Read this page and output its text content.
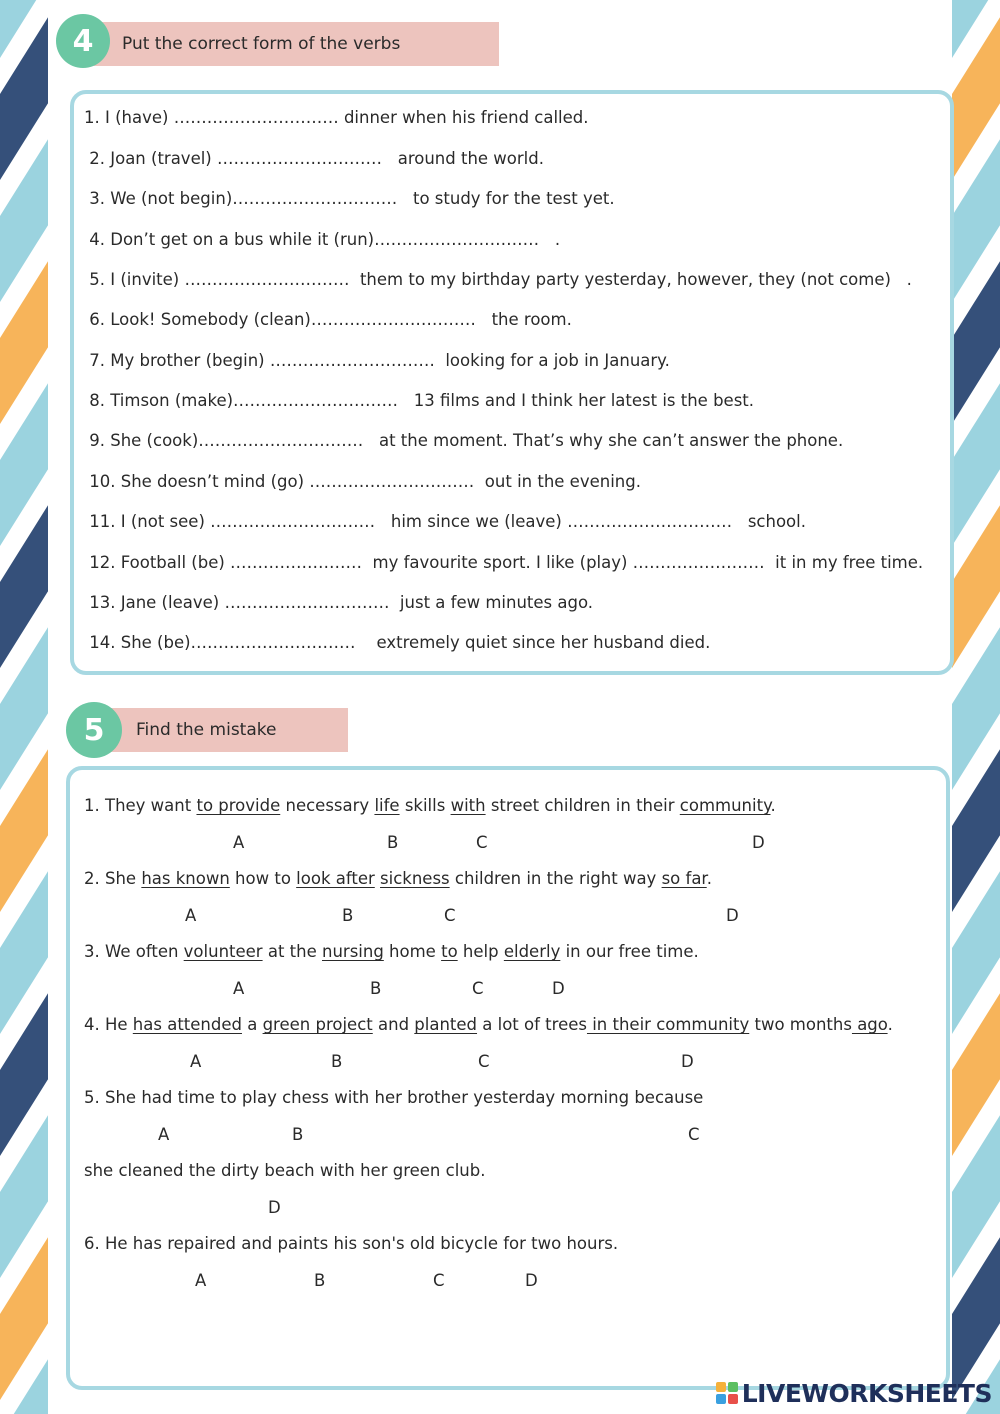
4	Put the correct form of the verbs
1. I (have) ………………………… dinner when his friend called.
2. Joan (travel) …………………………   around the world.
3. We (not begin)…………………………   to study for the test yet.
4. Don’t get on a bus while it (run)…………………………   .
5. I (invite) …………………………  them to my birthday party yesterday, however, they (not come)   .
6. Look! Somebody (clean)…………………………   the room.
7. My brother (begin) …………………………  looking for a job in January.
8. Timson (make)…………………………   13 films and I think her latest is the best.
9. She (cook)…………………………   at the moment. That’s why she can’t answer the phone.
10. She doesn’t mind (go) …………………………  out in the evening.
11. I (not see) …………………………   him since we (leave) …………………………   school.
12. Football (be) ……………………  my favourite sport. I like (play) ……………………  it in my free time.
13. Jane (leave) …………………………  just a few minutes ago.
14. She (be)…………………………    extremely quiet since her husband died.
5	Find the mistake
1. They want to provide necessary life skills with street children in their community.
A	B	C	D
2. She has known how to look after sickness children in the right way so far.
A	B	C	D
3. We often volunteer at the nursing home to help elderly in our free time.
A	B	C	D
4. He has attended a green project and planted a lot of trees in their community two months ago.
A	B	C	D
5. She had time to play chess with her brother yesterday morning because
A	B	C
she cleaned the dirty beach with her green club.
D
6. He has repaired and paints his son's old bicycle for two hours.
A	B	C	D
LIVEWORKSHEETS
